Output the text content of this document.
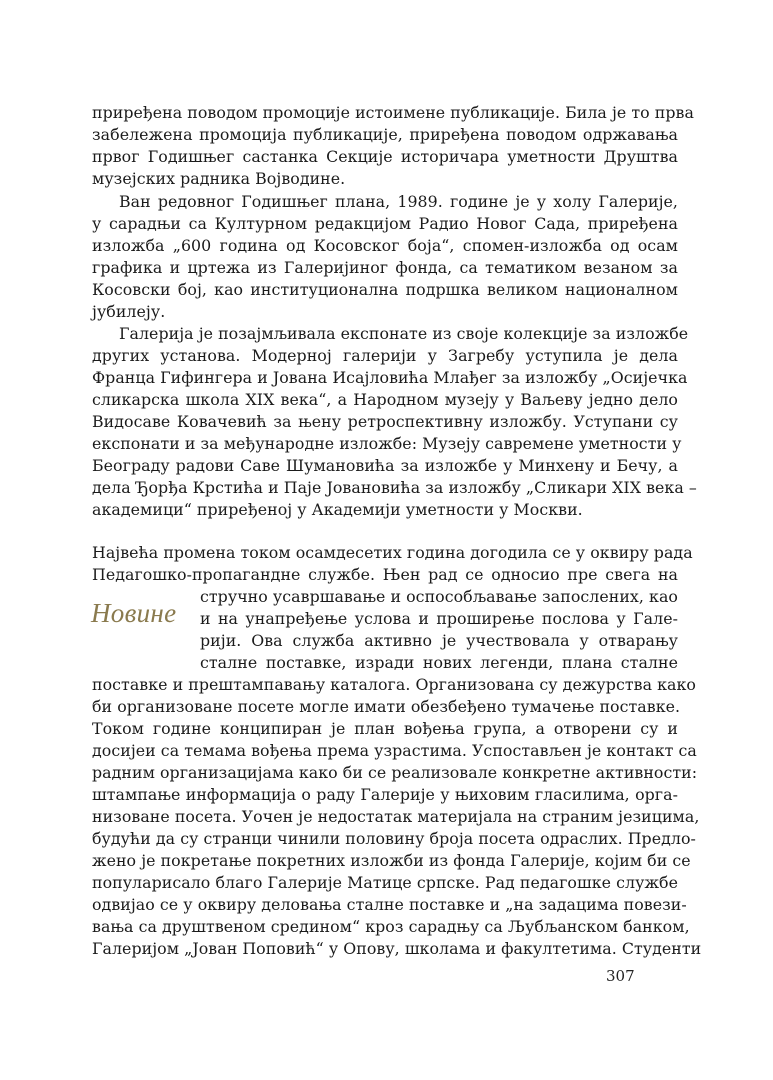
приређена поводом промоције истоимене публикације. Била је то прва
забележена промоција публикације, приређена поводом одржавања
првог Годишњег састанка Секције историчара уметности Друштва
музејских радника Војводине.
Ван редовног Годишњег плана, 1989. године је у холу Галерије,
у сарадњи са Културном редакцијом Радио Новог Сада, приређена
изложба „600 година од Косовског боја“, спомен-изложба од осам
графика и цртежа из Галеријиног фонда, са тематиком везаном за
Косовски бој, као институционална подршка великом националном
јубилеју.
Галерија је позајмљивала експонате из своје колекције за изложбе
других установа. Модерној галерији у Загребу уступила је дела
Франца Гифингера и Јована Исајловића Млађег за изложбу „Осијечка
сликарска школа XIX века“, а Народном музеју у Ваљеву једно дело
Видосаве Ковачевић за њену ретроспективну изложбу. Уступани су
експонати и за међународне изложбе: Музеју савремене уметности у
Београду радови Саве Шумановића за изложбе у Минхену и Бечу, а
дела Ђорђа Крстића и Паје Јовановића за изложбу „Сликари XIX века –
академици“ приређеној у Академији уметности у Москви.
Новине
Највећа промена током осамдесетих година догодила се у оквиру рада
Педагошко-пропагандне службе. Њен рад се односио пре свега на
стручно усавршавање и оспособљавање запослених, као
и на унапређење услова и проширење послова у Гале-
рији. Ова служба активно је учествовала у отварању
сталне поставке, изради нових легенди, плана сталне
поставке и прештампавању каталога. Организована су дежурства како
би организоване посете могле имати обезбеђено тумачење поставке.
Током године конципиран је план вођења група, а отворени су и
досијеи са темама вођења према узрастима. Успостављен је контакт са
радним организацијама како би се реализовале конкретне активности:
штампање информација о раду Галерије у њиховим гласилима, орга-
низоване посета. Уочен је недостатак материјала на страним језицима,
будући да су странци чинили половину броја посета одраслих. Предло-
жено је покретање покретних изложби из фонда Галерије, којим би се
популарисало благо Галерије Матице српске. Рад педагошке службе
одвијао се у оквиру деловања сталне поставке и „на задацима повези-
вања са друштвеном средином“ кроз сарадњу са Љубљанском банком,
Галеријом „Јован Поповић“ у Опову, школама и факултетима. Студенти
307
